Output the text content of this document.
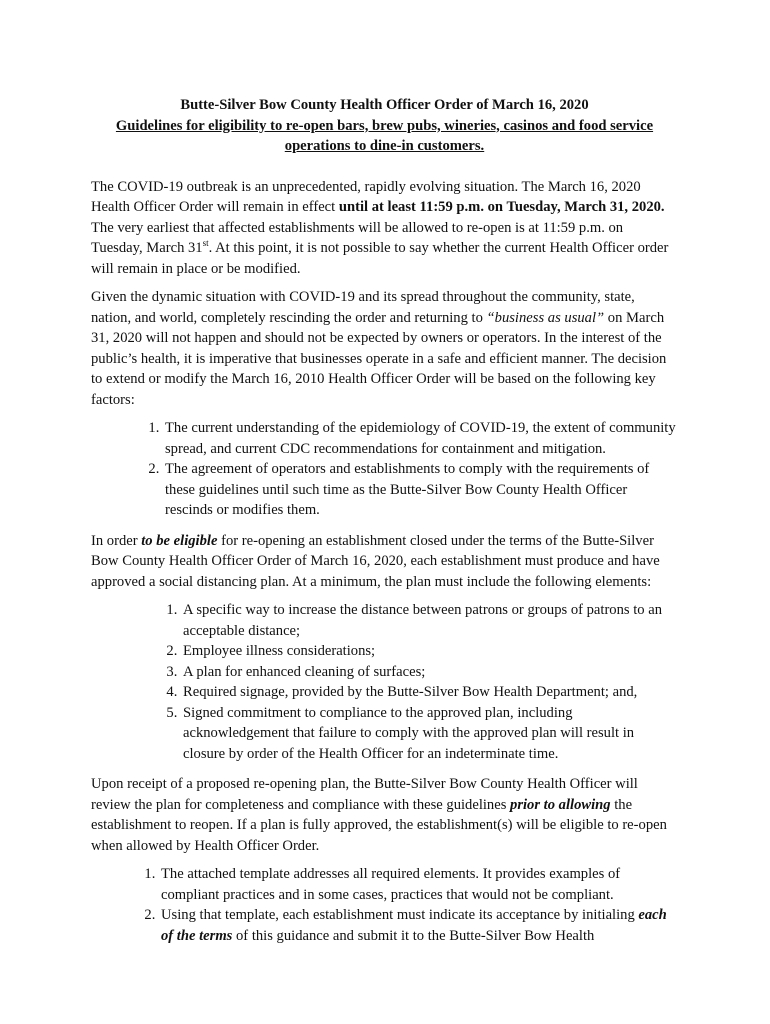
Butte-Silver Bow County Health Officer Order of March 16, 2020

Guidelines for eligibility to re-open bars, brew pubs, wineries, casinos and food service operations to dine-in customers.

The COVID-19 outbreak is an unprecedented, rapidly evolving situation. The March 16, 2020 Health Officer Order will remain in effect until at least 11:59 p.m. on Tuesday, March 31, 2020. The very earliest that affected establishments will be allowed to re-open is at 11:59 p.m. on Tuesday, March 31st. At this point, it is not possible to say whether the current Health Officer order will remain in place or be modified.

Given the dynamic situation with COVID-19 and its spread throughout the community, state, nation, and world, completely rescinding the order and returning to “business as usual” on March 31, 2020 will not happen and should not be expected by owners or operators. In the interest of the public’s health, it is imperative that businesses operate in a safe and efficient manner. The decision to extend or modify the March 16, 2010 Health Officer Order will be based on the following key factors:

1. The current understanding of the epidemiology of COVID-19, the extent of community spread, and current CDC recommendations for containment and mitigation.
2. The agreement of operators and establishments to comply with the requirements of these guidelines until such time as the Butte-Silver Bow County Health Officer rescinds or modifies them.

In order to be eligible for re-opening an establishment closed under the terms of the Butte-Silver Bow County Health Officer Order of March 16, 2020, each establishment must produce and have approved a social distancing plan. At a minimum, the plan must include the following elements:

1. A specific way to increase the distance between patrons or groups of patrons to an acceptable distance;
2. Employee illness considerations;
3. A plan for enhanced cleaning of surfaces;
4. Required signage, provided by the Butte-Silver Bow Health Department; and,
5. Signed commitment to compliance to the approved plan, including acknowledgement that failure to comply with the approved plan will result in closure by order of the Health Officer for an indeterminate time.

Upon receipt of a proposed re-opening plan, the Butte-Silver Bow County Health Officer will review the plan for completeness and compliance with these guidelines prior to allowing the establishment to reopen. If a plan is fully approved, the establishment(s) will be eligible to re-open when allowed by Health Officer Order.

1. The attached template addresses all required elements. It provides examples of compliant practices and in some cases, practices that would not be compliant.
2. Using that template, each establishment must indicate its acceptance by initialing each of the terms of this guidance and submit it to the Butte-Silver Bow Health
